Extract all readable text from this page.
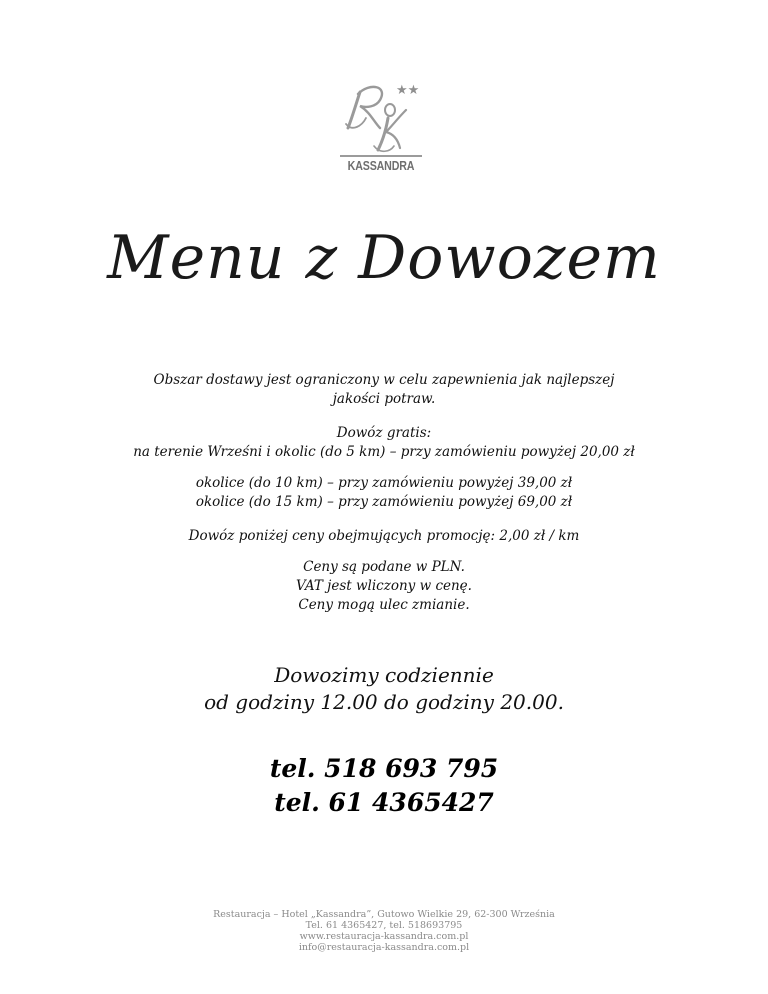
★★
KASSANDRA
Menu z Dowozem

Obszar dostawy jest ograniczony w celu zapewnienia jak najlepszej

jakości potraw.

Dowóz gratis:

na terenie Wrześni i okolic (do 5 km) – przy zamówieniu powyżej 20,00 zł

okolice (do 10 km) – przy zamówieniu powyżej 39,00 zł

okolice (do 15 km) – przy zamówieniu powyżej 69,00 zł

Dowóz poniżej ceny obejmujących promocję: 2,00 zł / km

Ceny są podane w PLN.

VAT jest wliczony w cenę.

Ceny mogą ulec zmianie.

Dowozimy codziennie

od godziny 12.00 do godziny 20.00.

tel. 518 693 795

tel. 61 4365427

Restauracja – Hotel „Kassandra”, Gutowo Wielkie 29, 62-300 Września

Tel. 61 4365427, tel. 518693795

www.restauracja-kassandra.com.pl

info@restauracja-kassandra.com.pl
